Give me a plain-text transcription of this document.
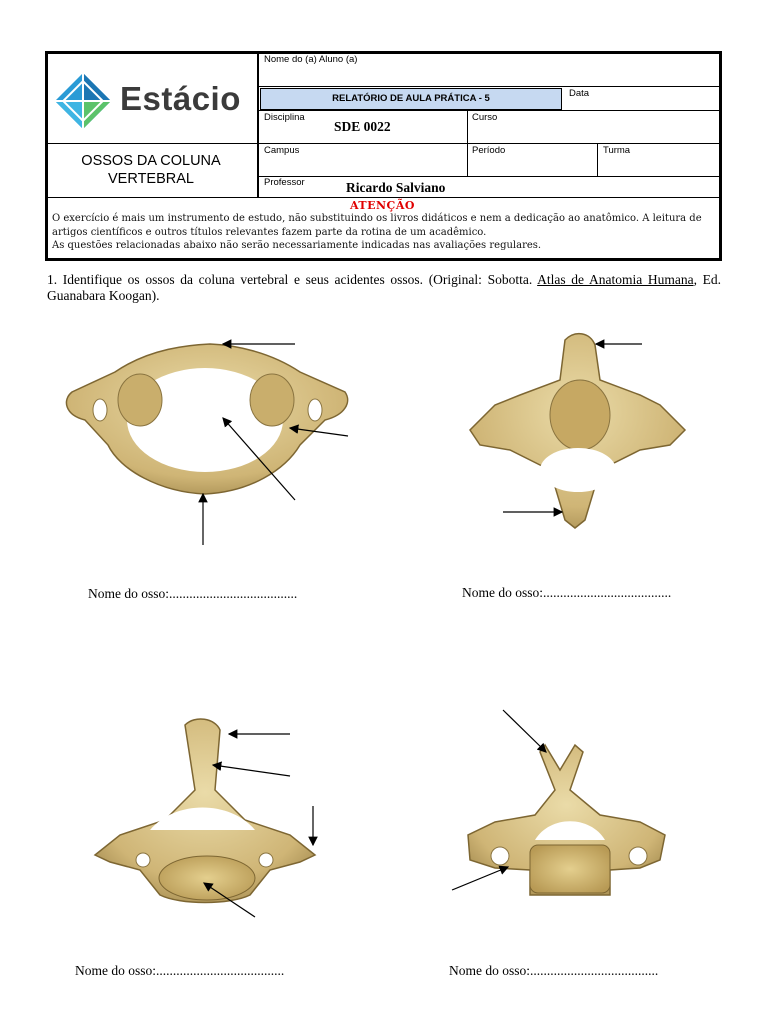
Estácio
OSSOS DA COLUNA
VERTEBRAL
Nome do (a) Aluno (a)
RELATÓRIO DE AULA PRÁTICA - 5	Data
Disciplina
SDE 0022
Curso
Campus	Período	Turma
Professor	Ricardo Salviano
ATENÇÃO
O exercício é mais um instrumento de estudo, não substituindo os livros didáticos e nem a dedicação ao anatômico. A leitura de
artigos científicos e outros títulos relevantes fazem parte da rotina de um acadêmico.
As questões relacionadas abaixo não serão necessariamente indicadas nas avaliações regulares.
1. Identifique os ossos da coluna vertebral e seus acidentes ossos. (Original: Sobotta. Atlas de Anatomia Humana, Ed. Guanabara Koogan).
Nome do osso:......................................	Nome do osso:......................................
Nome do osso:......................................	Nome do osso:......................................
